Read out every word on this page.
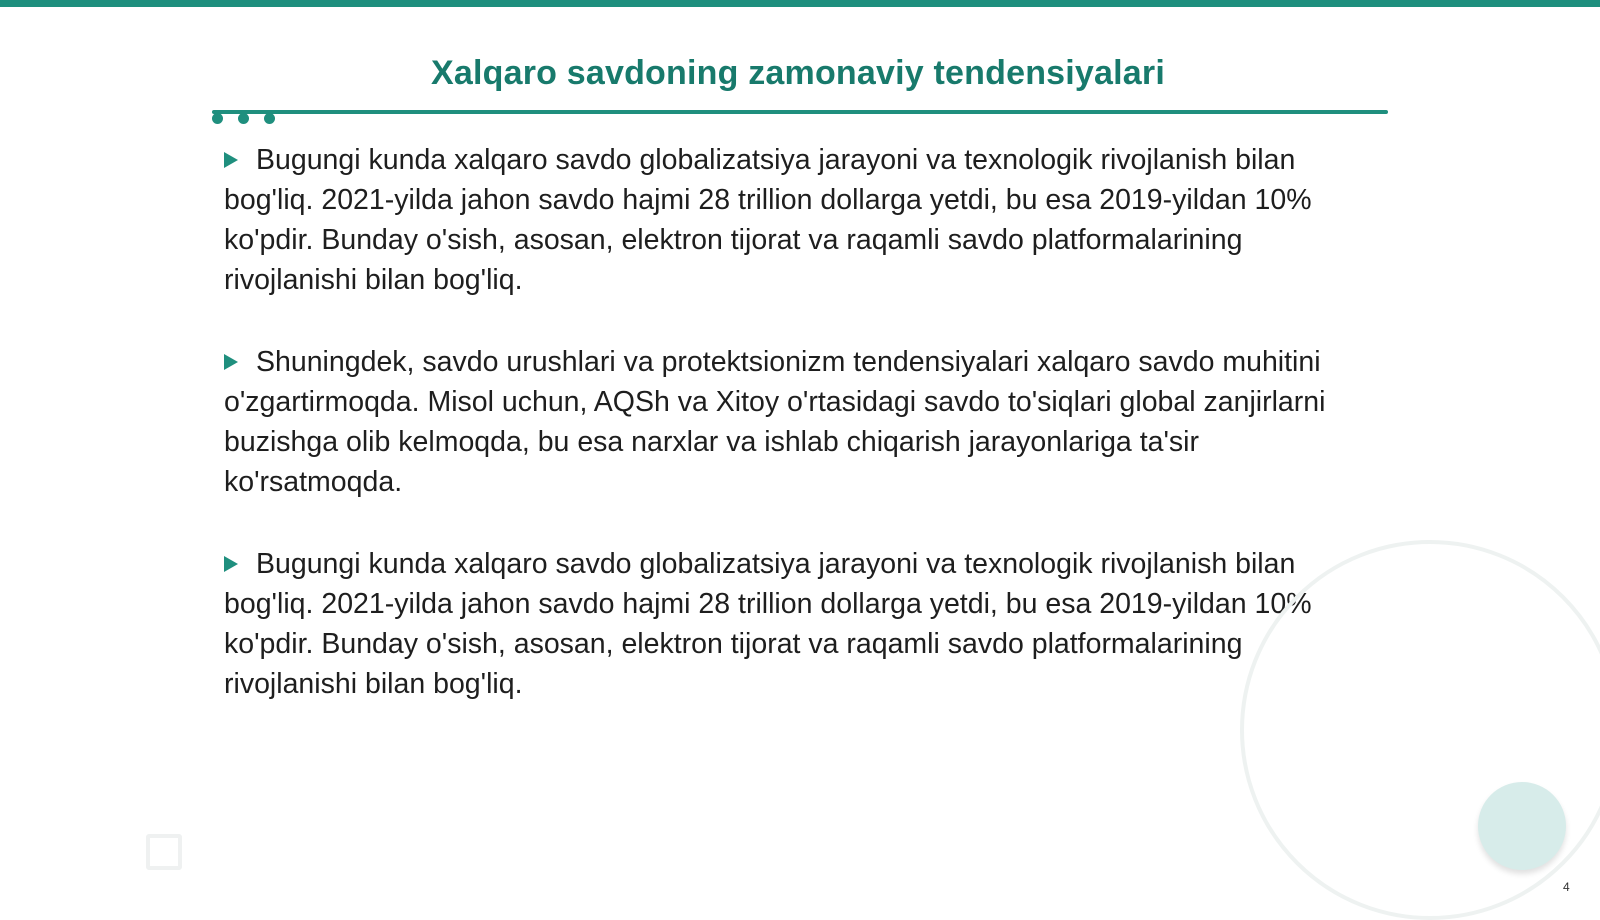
Xalqaro savdoning zamonaviy tendensiyalari

Bugungi kunda xalqaro savdo globalizatsiya jarayoni va texnologik rivojlanish bilan bog'liq. 2021-yilda jahon savdo hajmi 28 trillion dollarga yetdi, bu esa 2019-yildan 10% ko'pdir. Bunday o'sish, asosan, elektron tijorat va raqamli savdo platformalarining rivojlanishi bilan bog'liq.

Shuningdek, savdo urushlari va protektsionizm tendensiyalari xalqaro savdo muhitini o'zgartirmoqda. Misol uchun, AQSh va Xitoy o'rtasidagi savdo to'siqlari global zanjirlarni buzishga olib kelmoqda, bu esa narxlar va ishlab chiqarish jarayonlariga ta'sir ko'rsatmoqda.

Bugungi kunda xalqaro savdo globalizatsiya jarayoni va texnologik rivojlanish bilan bog'liq. 2021-yilda jahon savdo hajmi 28 trillion dollarga yetdi, bu esa 2019-yildan 10% ko'pdir. Bunday o'sish, asosan, elektron tijorat va raqamli savdo platformalarining rivojlanishi bilan bog'liq.

4
